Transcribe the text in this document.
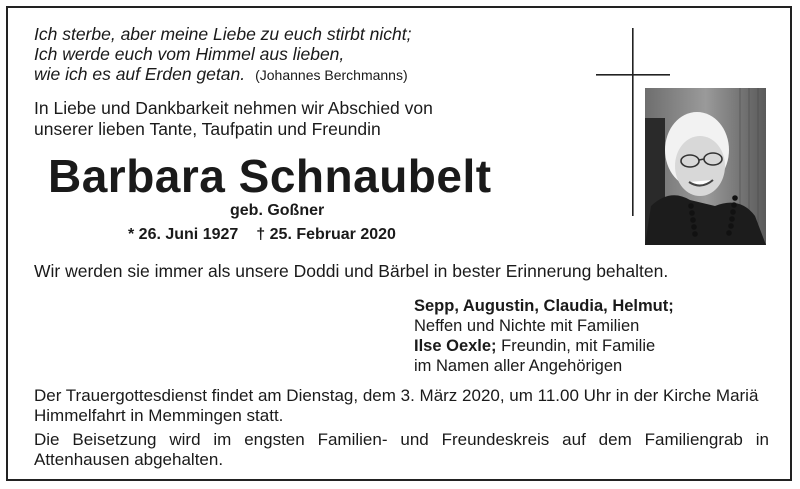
Ich sterbe, aber meine Liebe zu euch stirbt nicht;
Ich werde euch vom Himmel aus lieben,
wie ich es auf Erden getan. (Johannes Berchmanns)
In Liebe und Dankbarkeit nehmen wir Abschied von
unserer lieben Tante, Taufpatin und Freundin
Barbara Schnaubelt
geb. Goßner
* 26. Juni 1927 † 25. Februar 2020
Wir werden sie immer als unsere Doddi und Bärbel in bester Erinnerung behalten.
Sepp, Augustin, Claudia, Helmut;
Neffen und Nichte mit Familien
Ilse Oexle; Freundin, mit Familie
im Namen aller Angehörigen
Der Trauergottesdienst findet am Dienstag, dem 3. März 2020, um 11.00 Uhr in der Kirche Mariä Himmelfahrt in Memmingen statt.
Die Beisetzung wird im engsten Familien- und Freundeskreis auf dem Familiengrab in Attenhausen abgehalten.
